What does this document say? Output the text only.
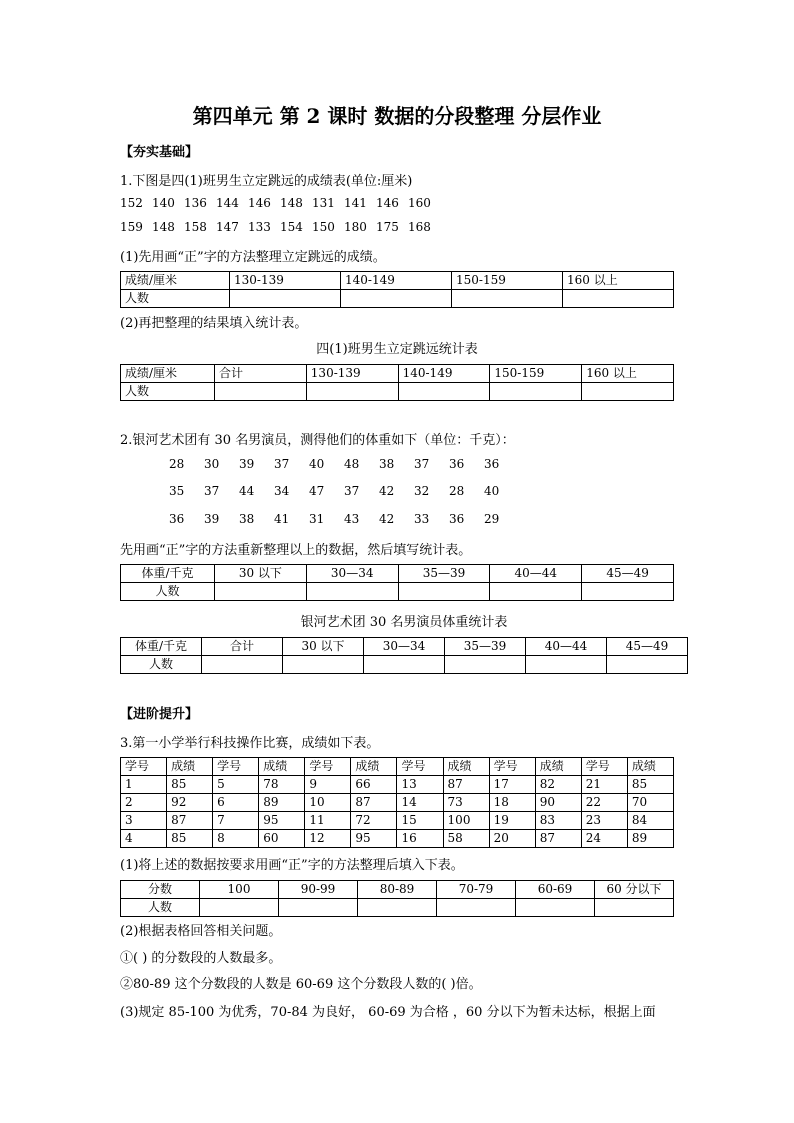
第四单元 第 2 课时 数据的分段整理 分层作业
【夯实基础】
1.下图是四(1)班男生立定跳远的成绩表(单位:厘米)
152 140 136 144 146 148 131 141 146 160
159 148 158 147 133 154 150 180 175 168
(1)先用画“正”字的方法整理立定跳远的成绩。
成绩/厘米	130-139	140-149	150-159	160 以上
人数				
(2)再把整理的结果填入统计表。
四(1)班男生立定跳远统计表
成绩/厘米	合计	130-139	140-149	150-159	160 以上
人数					
2.银河艺术团有 30 名男演员，测得他们的体重如下（单位：千克）：
28	30	39	37	40	48	38	37	36	36
35	37	44	34	47	37	42	32	28	40
36	39	38	41	31	43	42	33	36	29
先用画“正”字的方法重新整理以上的数据，然后填写统计表。
体重/千克	30 以下	30—34	35—39	40—44	45—49
人数					
银河艺术团 30 名男演员体重统计表
体重/千克	合计	30 以下	30—34	35—39	40—44	45—49
人数						
【进阶提升】
3.第一小学举行科技操作比赛，成绩如下表。
学号	成绩	学号	成绩	学号	成绩	学号	成绩	学号	成绩	学号	成绩
1	85	5	78	9	66	13	87	17	82	21	85
2	92	6	89	10	87	14	73	18	90	22	70
3	87	7	95	11	72	15	100	19	83	23	84
4	85	8	60	12	95	16	58	20	87	24	89
(1)将上述的数据按要求用画“正”字的方法整理后填入下表。
分数	100	90-99	80-89	70-79	60-69	60 分以下
人数						
(2)根据表格回答相关问题。
①( ) 的分数段的人数最多。
②80-89 这个分数段的人数是 60-69 这个分数段人数的( )倍。
(3)规定 85-100 为优秀，70-84 为良好， 60-69 为合格 ，60 分以下为暂未达标，根据上面
